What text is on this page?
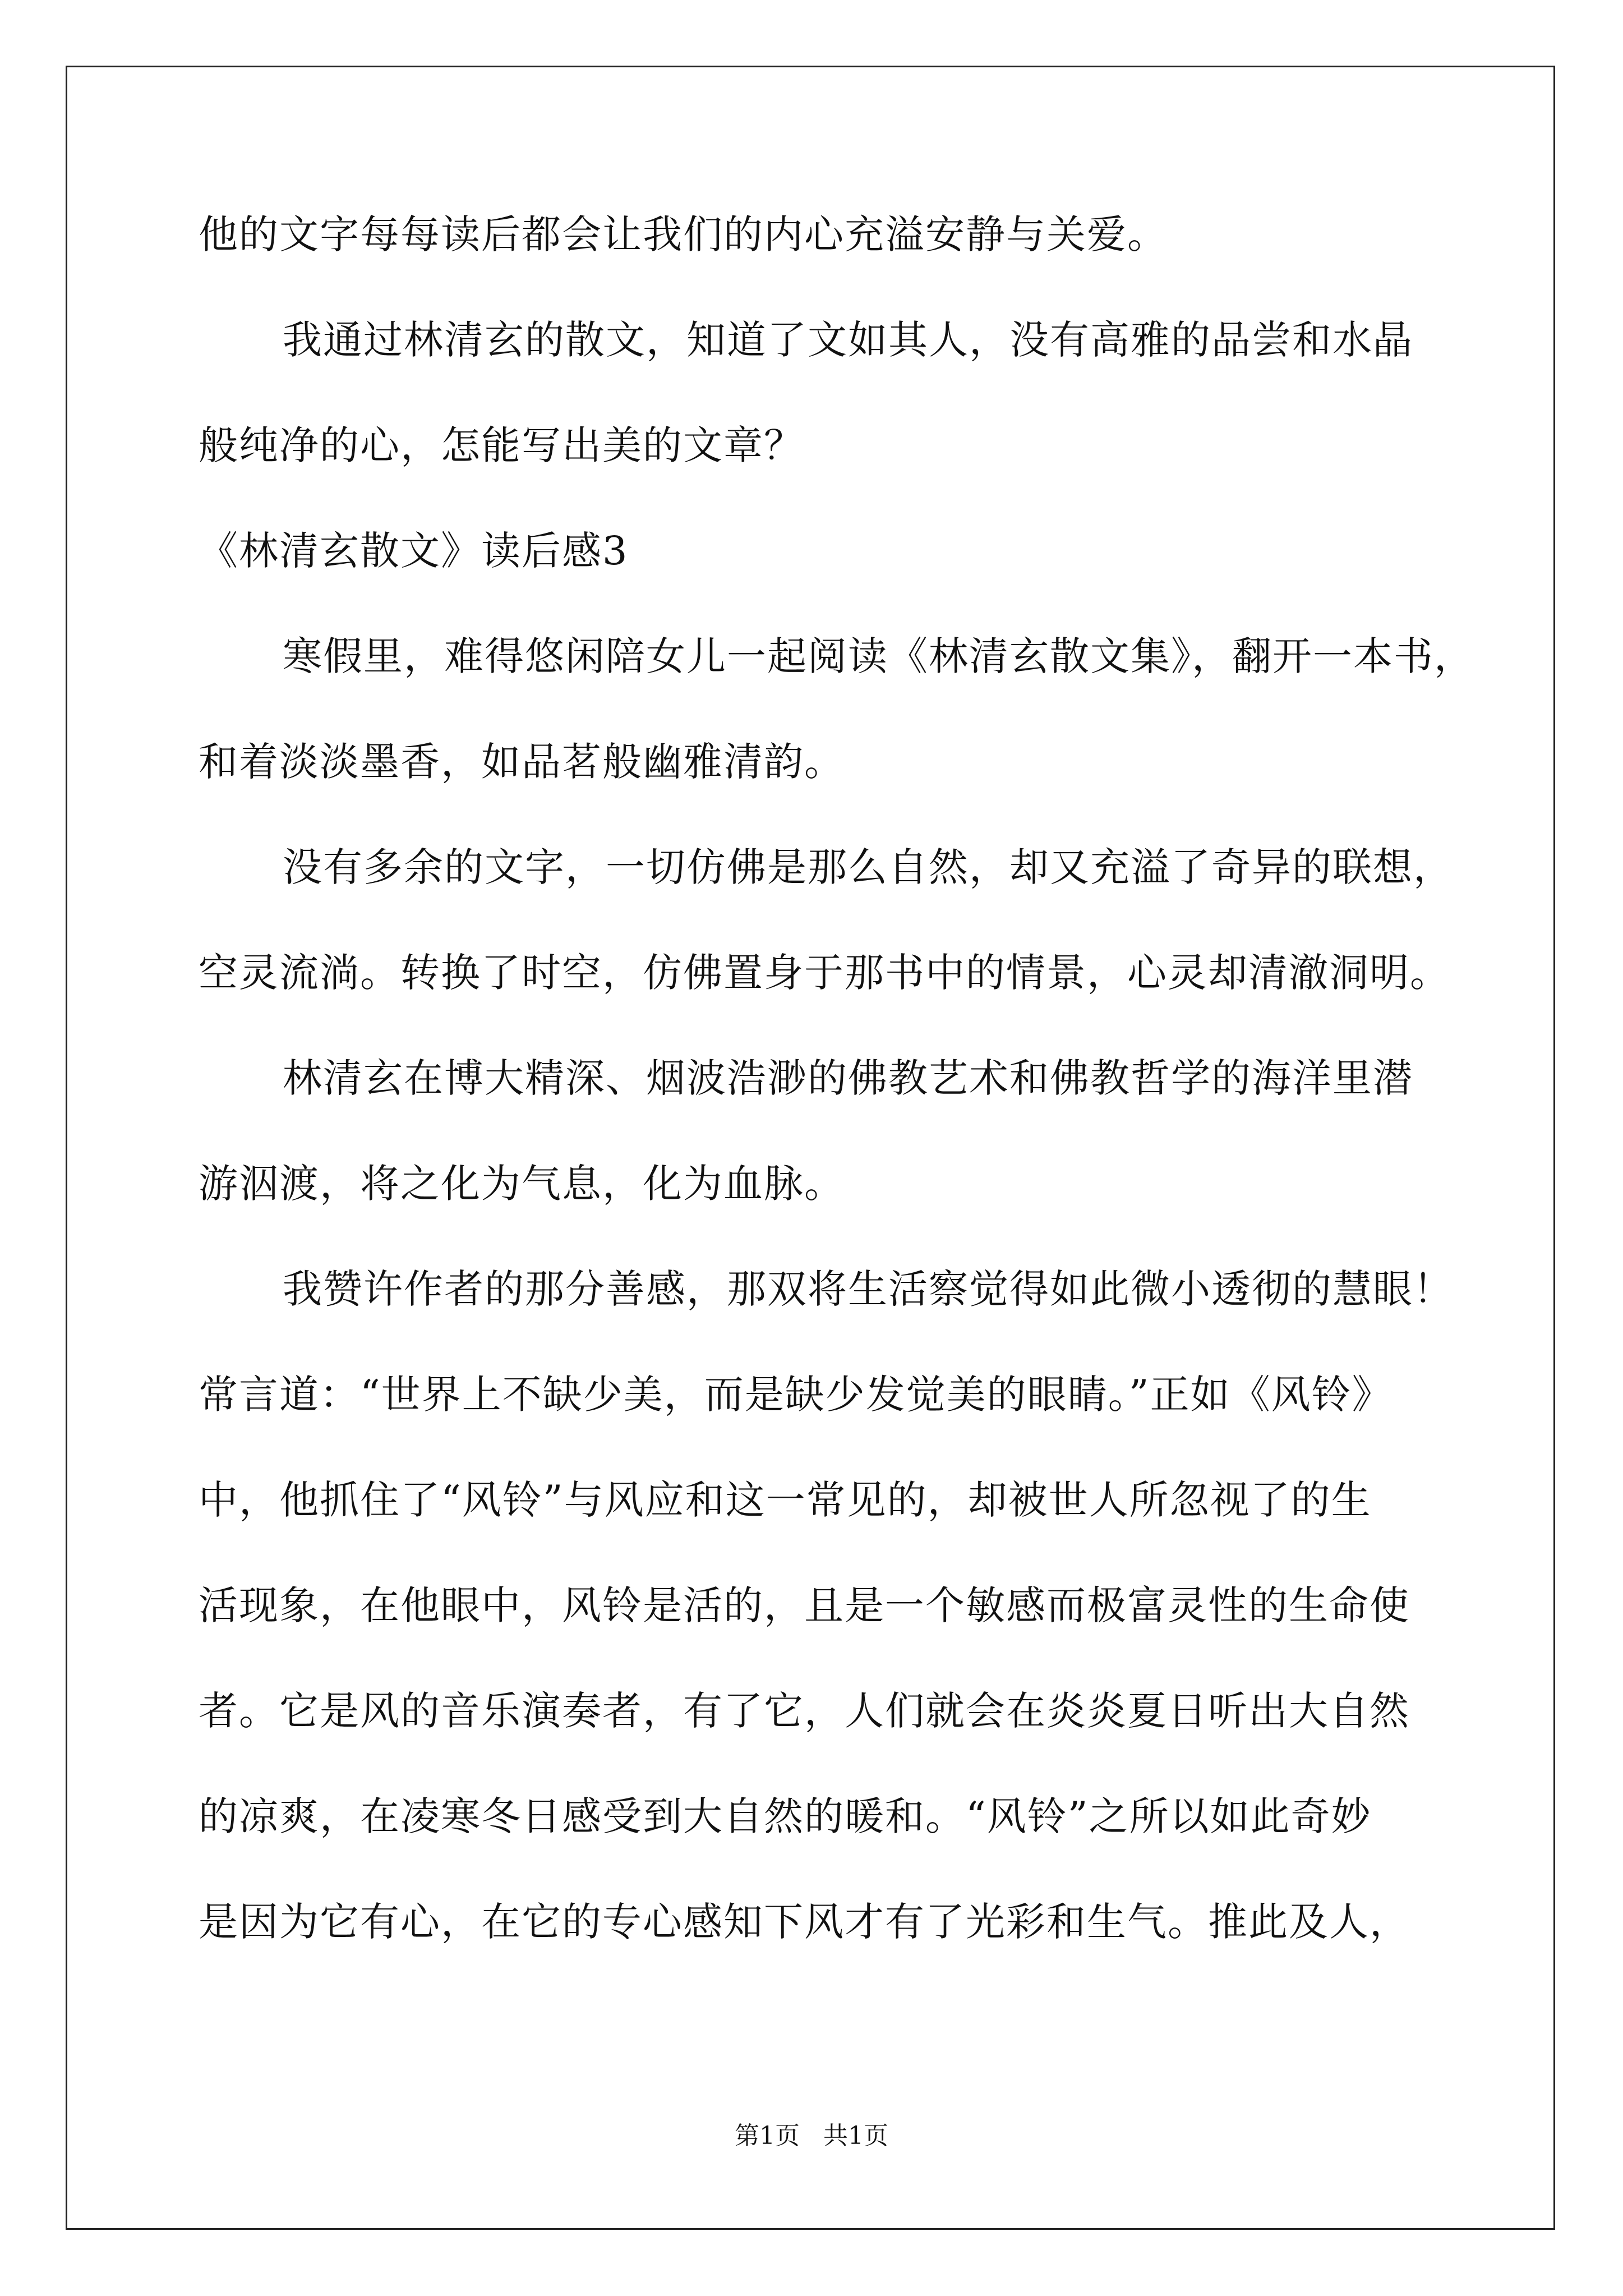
他的文字每每读后都会让我们的内心充溢安静与关爱。
我通过林清玄的散文，知道了文如其人，没有高雅的品尝和水晶
般纯净的心，怎能写出美的文章？
《林清玄散文》读后感3
寒假里，难得悠闲陪女儿一起阅读《林清玄散文集》，翻开一本书，
和着淡淡墨香，如品茗般幽雅清韵。
没有多余的文字，一切仿佛是那么自然，却又充溢了奇异的联想，
空灵流淌。转换了时空，仿佛置身于那书中的情景，心灵却清澈洞明。
林清玄在博大精深、烟波浩渺的佛教艺术和佛教哲学的海洋里潜
游泅渡，将之化为气息，化为血脉。
我赞许作者的那分善感，那双将生活察觉得如此微小透彻的慧眼！
常言道：“世界上不缺少美，而是缺少发觉美的眼睛。”正如《风铃》
中，他抓住了“风铃”与风应和这一常见的，却被世人所忽视了的生
活现象，在他眼中，风铃是活的，且是一个敏感而极富灵性的生命使
者。它是风的音乐演奏者，有了它，人们就会在炎炎夏日听出大自然
的凉爽，在凌寒冬日感受到大自然的暖和。“风铃”之所以如此奇妙
是因为它有心，在它的专心感知下风才有了光彩和生气。推此及人，
第1页   共1页
